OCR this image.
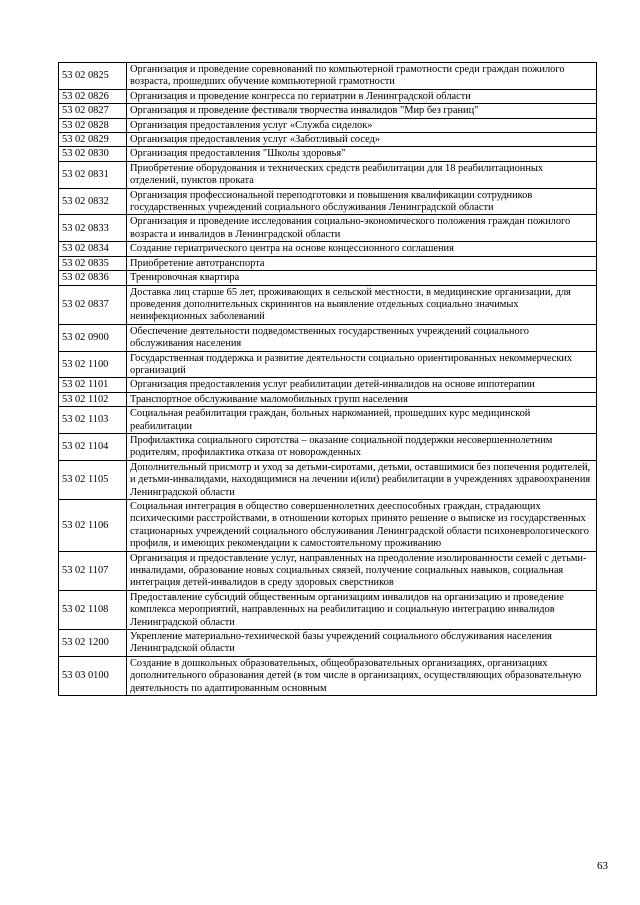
53 02 0825	Организация и проведение соревнований по компьютерной грамотности среди граждан пожилого возраста, прошедших обучение компьютерной грамотности
53 02 0826	Организация и проведение конгресса по гериатрии в Ленинградской области
53 02 0827	Организация и проведение фестиваля творчества инвалидов "Мир без границ"
53 02 0828	Организация предоставления услуг «Служба сиделок»
53 02 0829	Организация предоставления услуг «Заботливый сосед»
53 02 0830	Организация предоставления "Школы здоровья"
53 02 0831	Приобретение оборудования и технических средств реабилитации для 18 реабилитационных отделений, пунктов проката
53 02 0832	Организация профессиональной переподготовки и повышения квалификации сотрудников государственных учреждений социального обслуживания Ленинградской области
53 02 0833	Организация и проведение исследования социально-экономического положения граждан пожилого возраста и инвалидов в Ленинградской области
53 02 0834	Создание гериатрического центра на основе концессионного соглашения
53 02 0835	Приобретение автотранспорта
53 02 0836	Тренировочная квартира
53 02 0837	Доставка лиц старше 65 лет, проживающих в сельской местности, в медицинские организации, для проведения дополнительных скринингов на выявление отдельных социально значимых неинфекционных заболеваний
53 02 0900	Обеспечение деятельности подведомственных государственных учреждений социального обслуживания населения
53 02 1100	Государственная поддержка и развитие деятельности социально ориентированных некоммерческих организаций
53 02 1101	Организация предоставления услуг реабилитации детей-инвалидов на основе иппотерапии
53 02 1102	Транспортное обслуживание маломобильных групп населения
53 02 1103	Социальная реабилитация граждан, больных наркоманией, прошедших курс медицинской реабилитации
53 02 1104	Профилактика социального сиротства – оказание социальной поддержки несовершеннолетним родителям, профилактика отказа от новорожденных
53 02 1105	Дополнительный присмотр и уход за детьми-сиротами, детьми, оставшимися без попечения родителей, и детьми-инвалидами, находящимися на лечении и(или) реабилитации в учреждениях здравоохранения Ленинградской области
53 02 1106	Социальная интеграция в общество совершеннолетних дееспособных граждан, страдающих психическими расстройствами, в отношении которых принято решение о выписке из государственных стационарных учреждений социального обслуживания Ленинградской области психоневрологического профиля, и имеющих рекомендации к самостоятельному проживанию
53 02 1107	Организация и предоставление услуг, направленных на преодоление изолированности семей с детьми-инвалидами, образование новых социальных связей, получение социальных навыков, социальная интеграция детей-инвалидов в среду здоровых сверстников
53 02 1108	Предоставление субсидий общественным организациям инвалидов на организацию и проведение комплекса мероприятий, направленных на реабилитацию и социальную интеграцию инвалидов Ленинградской области
53 02 1200	Укрепление материально-технической базы учреждений социального обслуживания населения Ленинградской области
53 03 0100	Создание в дошкольных образовательных, общеобразовательных организациях, организациях дополнительного образования детей (в том числе в организациях, осуществляющих образовательную деятельность по адаптированным основным
63
